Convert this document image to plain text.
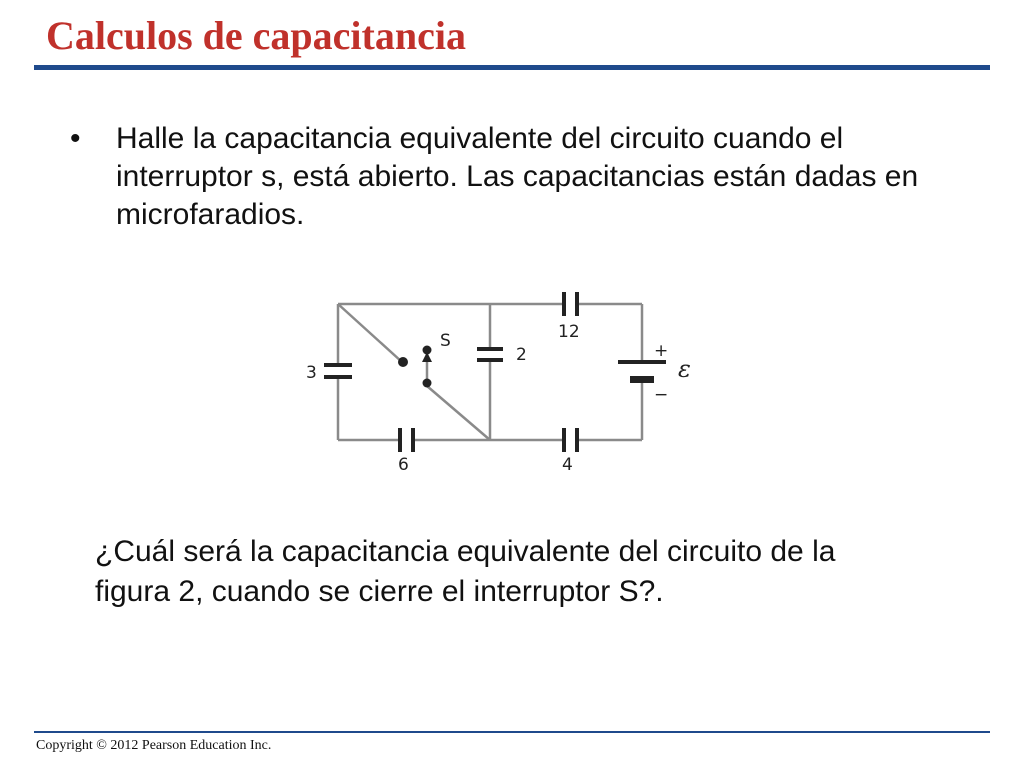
Calculos de capacitancia
• Halle la capacitancia equivalente del circuito cuando el interruptor s, está abierto. Las capacitancias están dadas en microfaradios.
3
6
2
12
4
S	+
−
ε
¿Cuál será la capacitancia equivalente del circuito de la figura 2, cuando se cierre el interruptor S?.
Copyright © 2012 Pearson Education Inc.
